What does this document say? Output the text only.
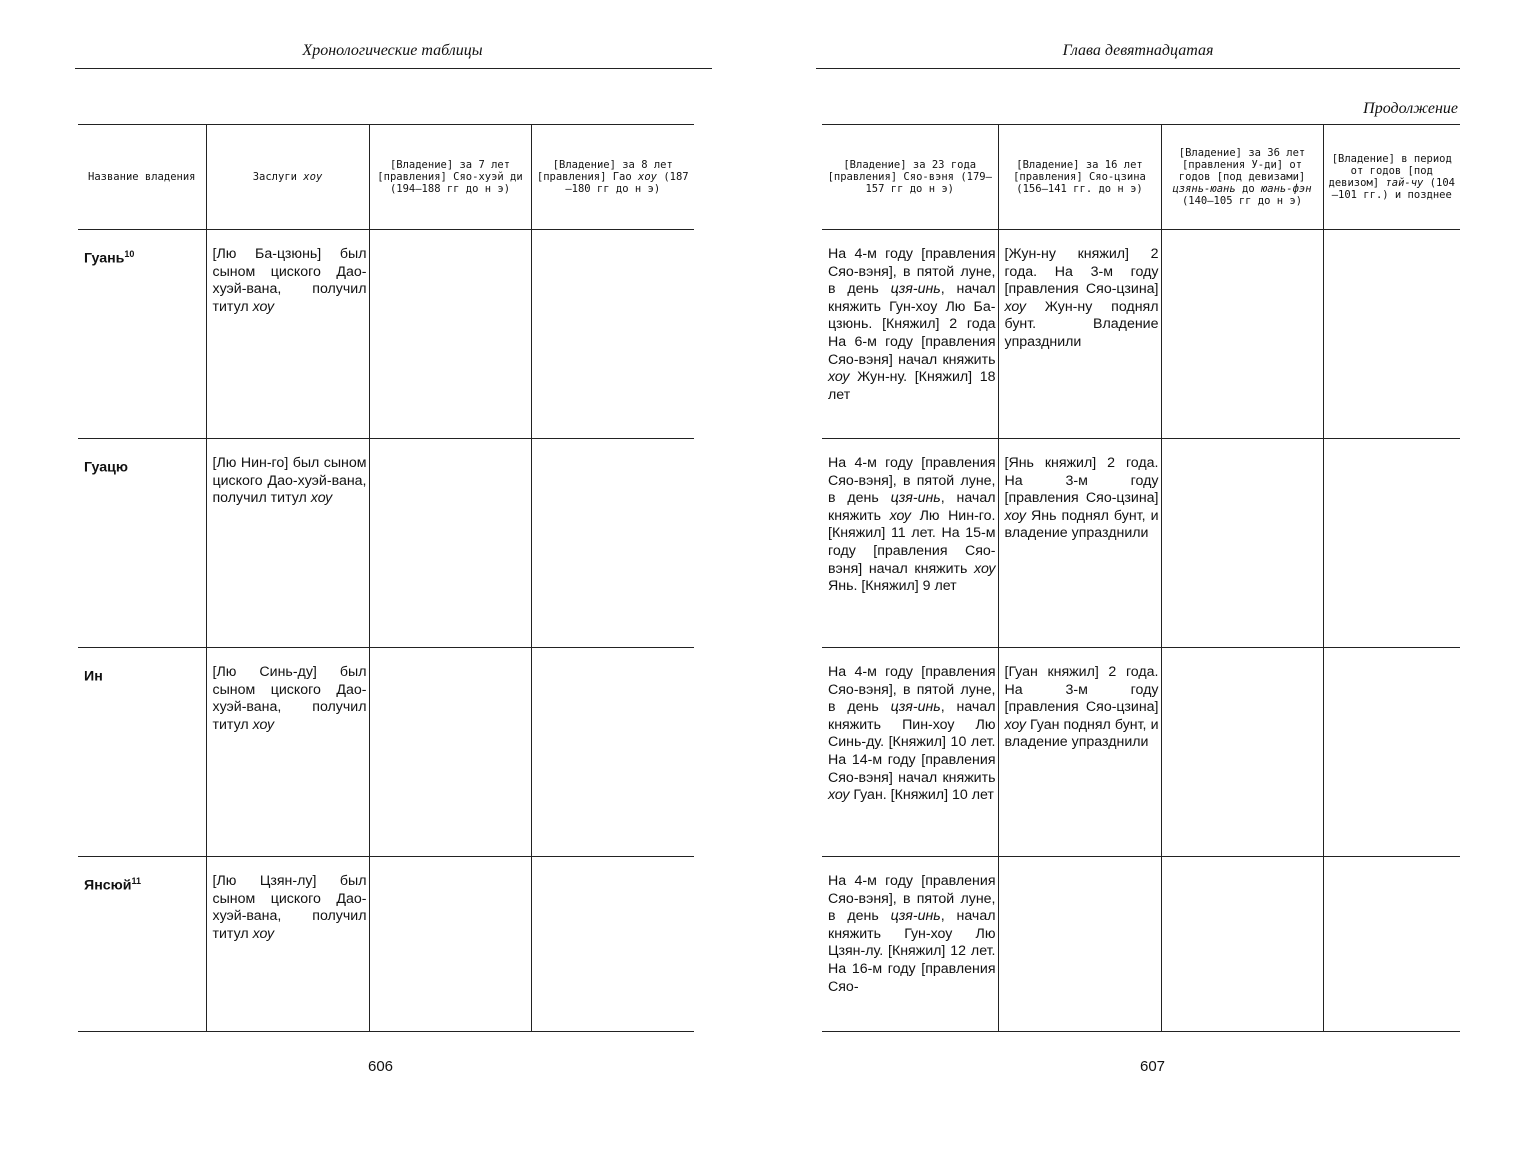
Хронологические таблицы
Название владения	Заслуги хоу	[Владение] за 7 лет [правления] Сяо-хуэй ди (194—188 гг до н э)	[Владение] за 8 лет [правления] Гао хоу (187—180 гг до н э)
Гуань$^{10}$	[Лю Ба-цзюнь] был сыном циского Дао-хуэй-вана, получил титул хоу		
Гуацю	[Лю Нин-го] был сыном циского Дао-хуэй-вана, получил титул хоу		
Ин	[Лю Синь-ду] был сыном циского Дао-хуэй-вана, получил титул хоу		
Янсюй$^{11}$	[Лю Цзян-лу] был сыном циского Дао-хуэй-вана, получил титул хоу		
606
Глава девятнадцатая
Продолжение
[Владение] за 23 года [правления] Сяо-вэня (179—157 гг до н э)	[Владение] за 16 лет [правления] Сяо-цзина (156—141 гг. до н э)	[Владение] за 36 лет [правления У-ди] от годов [под девизами] цзянь-юань до юань-фэн (140—105 гг до н э)	[Владение] в период от годов [под девизом] тай-чу (104—101 гг.) и позднее
На 4-м году [правления Сяо-вэня], в пятой луне, в день цзя-инь, начал княжить Гун-хоу Лю Ба-цзюнь. [Княжил] 2 года На 6-м году [правления Сяо-вэня] начал княжить хоу Жун-ну. [Княжил] 18 лет	[Жун-ну княжил] 2 года. На 3-м году [правления Сяо-цзина] хоу Жун-ну поднял бунт. Владение упразднили		
На 4-м году [правления Сяо-вэня], в пятой луне, в день цзя-инь, начал княжить хоу Лю Нин-го. [Княжил] 11 лет. На 15-м году [правления Сяо-вэня] начал княжить хоу Янь. [Княжил] 9 лет	[Янь княжил] 2 года. На 3-м году [правления Сяо-цзина] хоу Янь поднял бунт, и владение упразднили		
На 4-м году [правления Сяо-вэня], в пятой луне, в день цзя-инь, начал княжить Пин-хоу Лю Синь-ду. [Княжил] 10 лет. На 14-м году [правления Сяо-вэня] начал княжить хоу Гуан. [Княжил] 10 лет	[Гуан княжил] 2 года. На 3-м году [правления Сяо-цзина] хоу Гуан поднял бунт, и владение упразднили		
На 4-м году [правления Сяо-вэня], в пятой луне, в день цзя-инь, начал княжить Гун-хоу Лю Цзян-лу. [Княжил] 12 лет. На 16-м году [правления Сяо-			
607
